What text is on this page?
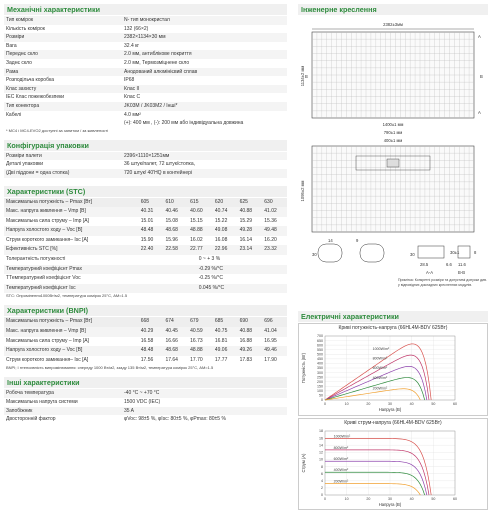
Механічні характеристики
Тип комірок	N- тип монокристал
Кількість комірок	132 (66×2)
Розміри	2382×1134×30 мм
Вага	32.4 кг
Переднє скло	2.0 мм, антиблікове покриття
Заднє скло	2.0 мм, Термозміцнене скло
Рама	Анодований алюмінієвий сплав
Розподільча коробка	IP68
Клас захисту	Клас ІІ
IEC Клас пожежобезпеки	Клас С
Тип конектора	JK03M / JK03M2 / Інші*
Кабелі	4.0 мм²
(+): 400 мм , (-): 200 мм або індивідуальна довжина
* MC4 і MC4-EVO2 доступні за запитом / за живленості
Конфігурація упаковки
Розміри палети	2396×1110×1251мм
Деталі упаковки	36 штук/палет, 72 штук/стопка,
(Дві піддони = одна стопка)	720 штук/ 40'HQ в контейнері
Характеристики (STC)
Максимальна потужність – Pmax [Вт]	605	610	615	620	625	630
Макс. напруга живлення – Vmp [В]	40.31	40.46	40.60	40.74	40.88	41.02
Максимальна сила струму – Imp [A]	15.01	15.08	15.15	15.22	15.29	15.36
Напруга холостого ходу – Voc [В]	48.48	48.68	48.88	49.08	49.28	49.48
Струм короткого замикання– Isc [A]	15.90	15.96	16.02	16.08	16.14	16.20
Ефективність STC [%]	22.40	22.58	22.77	22.96	23.14	23.32
Толерантність потужності	0 ~ + 3 %					
Температурний коефіцієнт Pmax	-0.29 %/°С					
ТТемпературний коефіцієнт Voc	-0.25 %/°С					
Температурний коефіцієнт Isc	0.045 %/°С					
STC: Опромінення1000Вт/м2, температура комірок 25°С, AM=1.5
Характеристики (BNPI)
Максимальна потужність – Pmax [Вт]	668	674	679	685	690	696
Макс. напруга живлення – Vmp [В]	40.29	40.45	40.59	40.75	40.88	41.04
Максимальна сила струму – Imp [A]	16.58	16.66	16.73	16.81	16.88	16.95
Напруга холостого ходу – Voc [В]	48.48	48.68	48.88	49.06	49.26	49.46
Струм короткого замикання– Isc [A]	17.56	17.64	17.70	17.77	17.83	17.90
BNPI; І нтенсивність випромінювання: спереду 1000 Вт/м2, ззаду 135 Вт/м2, температура комірок 25°С, AM=1.5
Інші характеристики
Робоча температура	-40 °С ~ +70 °С
Максимальна напруга системи	1500 VDC (IEC)
Запобіжник	35 A
Двосторонній фактор	φVoc: 98±5 %, φIsc: 80±5 %, φPmax: 80±5 %
Інженерне креслення
2382±3мм
1134±2 мм
A
A
B
B
1400±1 мм
790±1 мм
400±1 мм
1095±2 мм
14	9
30	30
28.5	6.6 11.6
30±1	8
A-A	B-B
Примітка: Конкретні розміри та допустимі допуски див. у відповідних докладних кресленнях модулів.
Електричні характеристики
Криві потужність-напруга (66HL4M-BDV 625Вт)
0
50
100
150
200
250
300
350
400
450
500
550
600
650
700
0	10	20	30	40	50	60
Напруга (В)
Потужність (Вт)
1000W/m²
800W/m²
600W/m²
400W/m²
200W/m²
Криві струм-напруга (66HL4M-BDV 625Вт)
0
2
4
6
8
10
12
14
16
18
0	10	20	30	40	50	60
Напруга (В)
Струм (A)
1000W/m²
800W/m²
600W/m²
400W/m²
200W/m²
